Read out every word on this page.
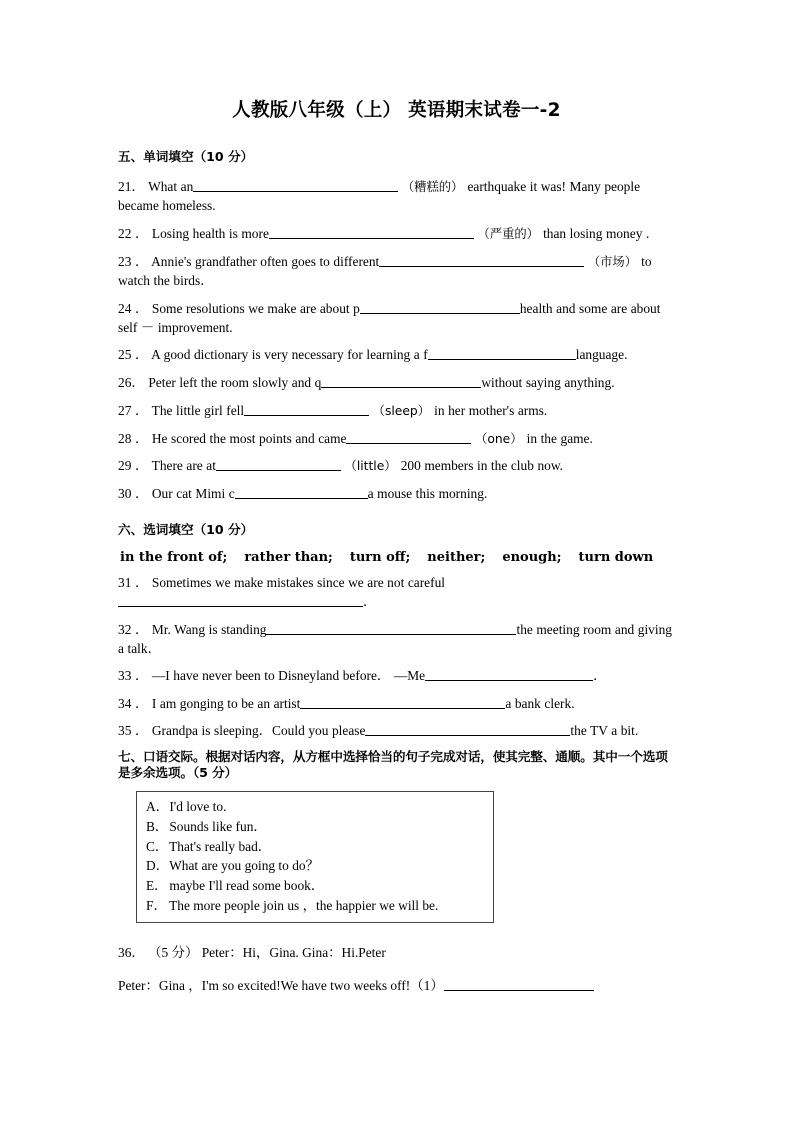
人教版八年级（上） 英语期末试卷一-2
五、单词填空（10 分）

21． What an	（糟糕的） earthquake it was! Many people became homeless.

22 ． Losing health is more	（严重的） than losing money .

23 ． Annie's grandfather often goes to different	（市场） to watch the birds．

24 ． Some resolutions we make are about p	health and some are about self － improvement.

25 ． A good dictionary is very necessary for learning a f	language.

26． Peter left the room slowly and q	without saying anything.

27 ． The little girl fell	（sleep） in her mother's arms.

28 ． He scored the most points and came	（one） in the game.

29 ． There are at	（little） 200 members in the club now.

30 ． Our cat Mimi c	a mouse this morning.

六、选词填空（10 分）
in the front of; rather than; turn off; neither; enough; turn down

31 ． Sometimes we make mistakes since we are not careful．

32 ． Mr. Wang is standing	the meeting room and giving a talk．

33 ． —I have never been to Disneyland before． —Me	．

34 ． I am gonging to be an artist	a bank clerk.

35 ． Grandpa is sleeping．Could you please	the TV a bit.

七、口语交际。根据对话内容，从方框中选择恰当的句子完成对话，使其完整、通顺。其中一个选项是多余选项。（5 分）
A． I'd love to.
B． Sounds like fun．
C． That's really bad．
D． What are you going to do？
E． maybe I'll read some book．
F． The more people join us ，the happier we will be.
36． （5 分） Peter：Hi，Gina. Gina：Hi.Peter
Peter：Gina ，I'm so excited!We have two weeks off!（1）
